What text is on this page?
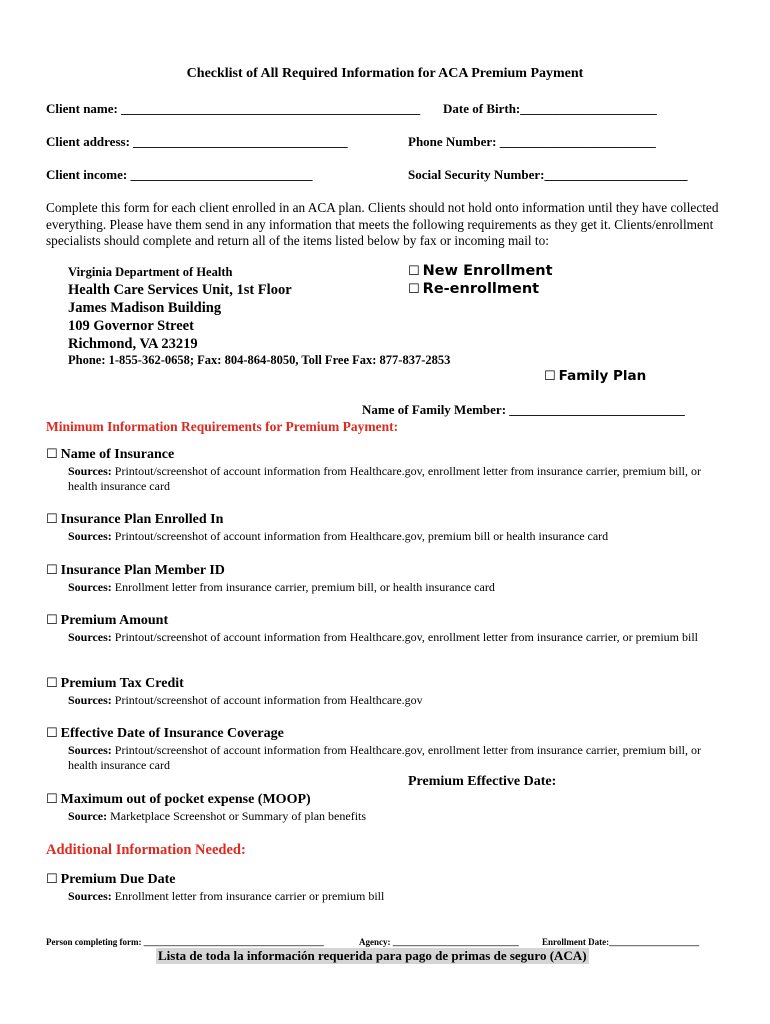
Checklist of All Required Information for ACA Premium Payment
Client name: ______________________________________________ Date of Birth:_____________________
Client address: _________________________________	Phone Number: ________________________
Client income: ____________________________	Social Security Number:______________________
Complete this form for each client enrolled in an ACA plan. Clients should not hold onto information until they have collected everything. Please have them send in any information that meets the following requirements as they get it. Clients/enrollment specialists should complete and return all of the items listed below by fax or incoming mail to:
Virginia Department of Health
Health Care Services Unit, 1st Floor
James Madison Building
109 Governor Street
Richmond, VA 23219
Phone: 1-855-362-0658; Fax: 804-864-8050, Toll Free Fax: 877-837-2853
☐ New Enrollment
☐ Re-enrollment
☐ Family Plan
Name of Family Member: ___________________________
Minimum Information Requirements for Premium Payment:
☐ Name of Insurance
Sources: Printout/screenshot of account information from Healthcare.gov, enrollment letter from insurance carrier, premium bill, or health insurance card
☐ Insurance Plan Enrolled In
Sources: Printout/screenshot of account information from Healthcare.gov, premium bill or health insurance card
☐ Insurance Plan Member ID
Sources: Enrollment letter from insurance carrier, premium bill, or health insurance card
☐ Premium Amount
Sources: Printout/screenshot of account information from Healthcare.gov, enrollment letter from insurance carrier, or premium bill
☐ Premium Tax Credit
Sources: Printout/screenshot of account information from Healthcare.gov
☐ Effective Date of Insurance Coverage
Sources: Printout/screenshot of account information from Healthcare.gov, enrollment letter from insurance carrier, premium bill, or health insurance card
Premium Effective Date:
☐ Maximum out of pocket expense (MOOP)
Source: Marketplace Screenshot or Summary of plan benefits
Additional Information Needed:
☐ Premium Due Date
Sources: Enrollment letter from insurance carrier or premium bill
Person completing form: ________________________________________	Agency: ____________________________	Enrollment Date:____________________
Lista de toda la información requerida para pago de primas de seguro (ACA)
